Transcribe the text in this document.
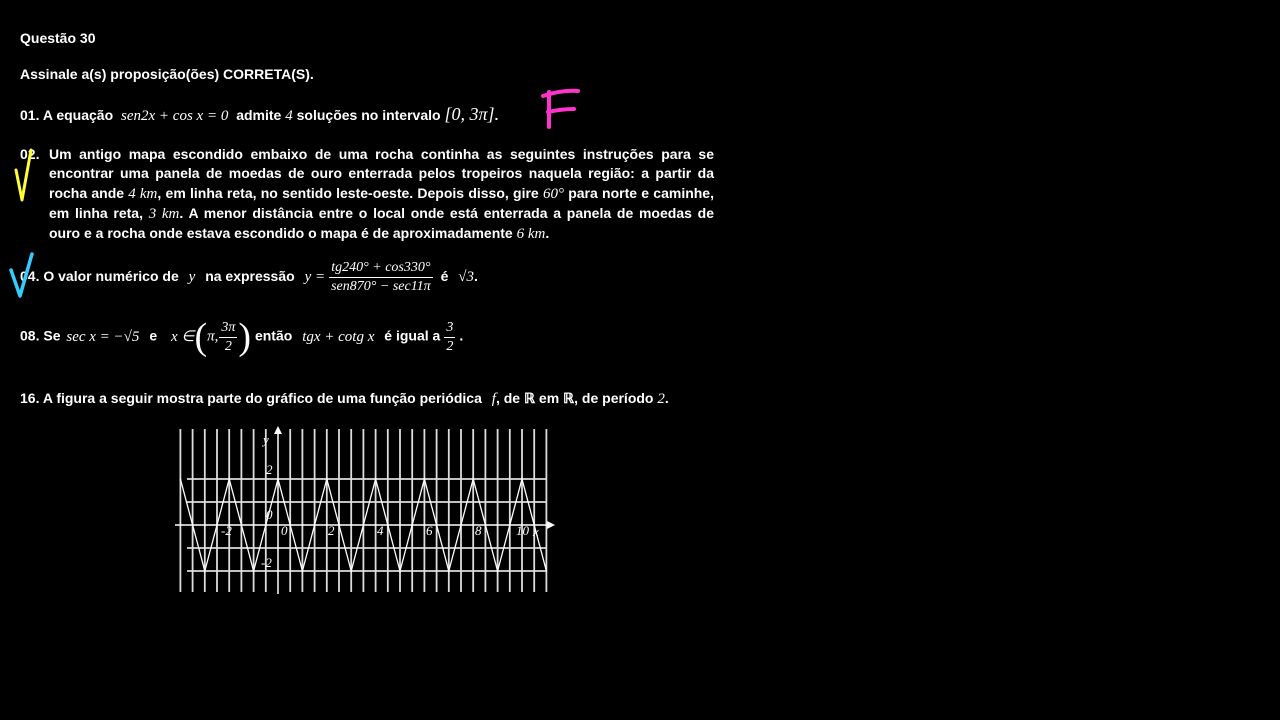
Questão 30
Assinale a(s) proposição(ões) CORRETA(S).
01. A equação sen2x + cos x = 0 admite 4 soluções no intervalo [0, 3π].
02. Um antigo mapa escondido embaixo de uma rocha continha as seguintes instruções para se encontrar uma panela de moedas de ouro enterrada pelos tropeiros naquela região: a partir da rocha ande 4 km, em linha reta, no sentido leste-oeste. Depois disso, gire 60° para norte e caminhe, em linha reta, 3 km. A menor distância entre o local onde está enterrada a panela de moedas de ouro e a rocha onde estava escondido o mapa é de aproximadamente 6 km.
04. O valor numérico de y na expressão $y = \frac{tg240^\circ + \cos 330^\circ}{\text{sen870° − sec11π}}$ é √3.
08. Se sec x = −√5 e x ∈(π, $\frac{3\pi}{2}$ ) então tgx + cotg x é igual a $\frac{3}{2}$ .
16. A figura a seguir mostra parte do gráfico de uma função periódica f, de ℝ em ℝ, de período 2.
y
x
2
0
-2
-2	0	2	4	6	8	10
